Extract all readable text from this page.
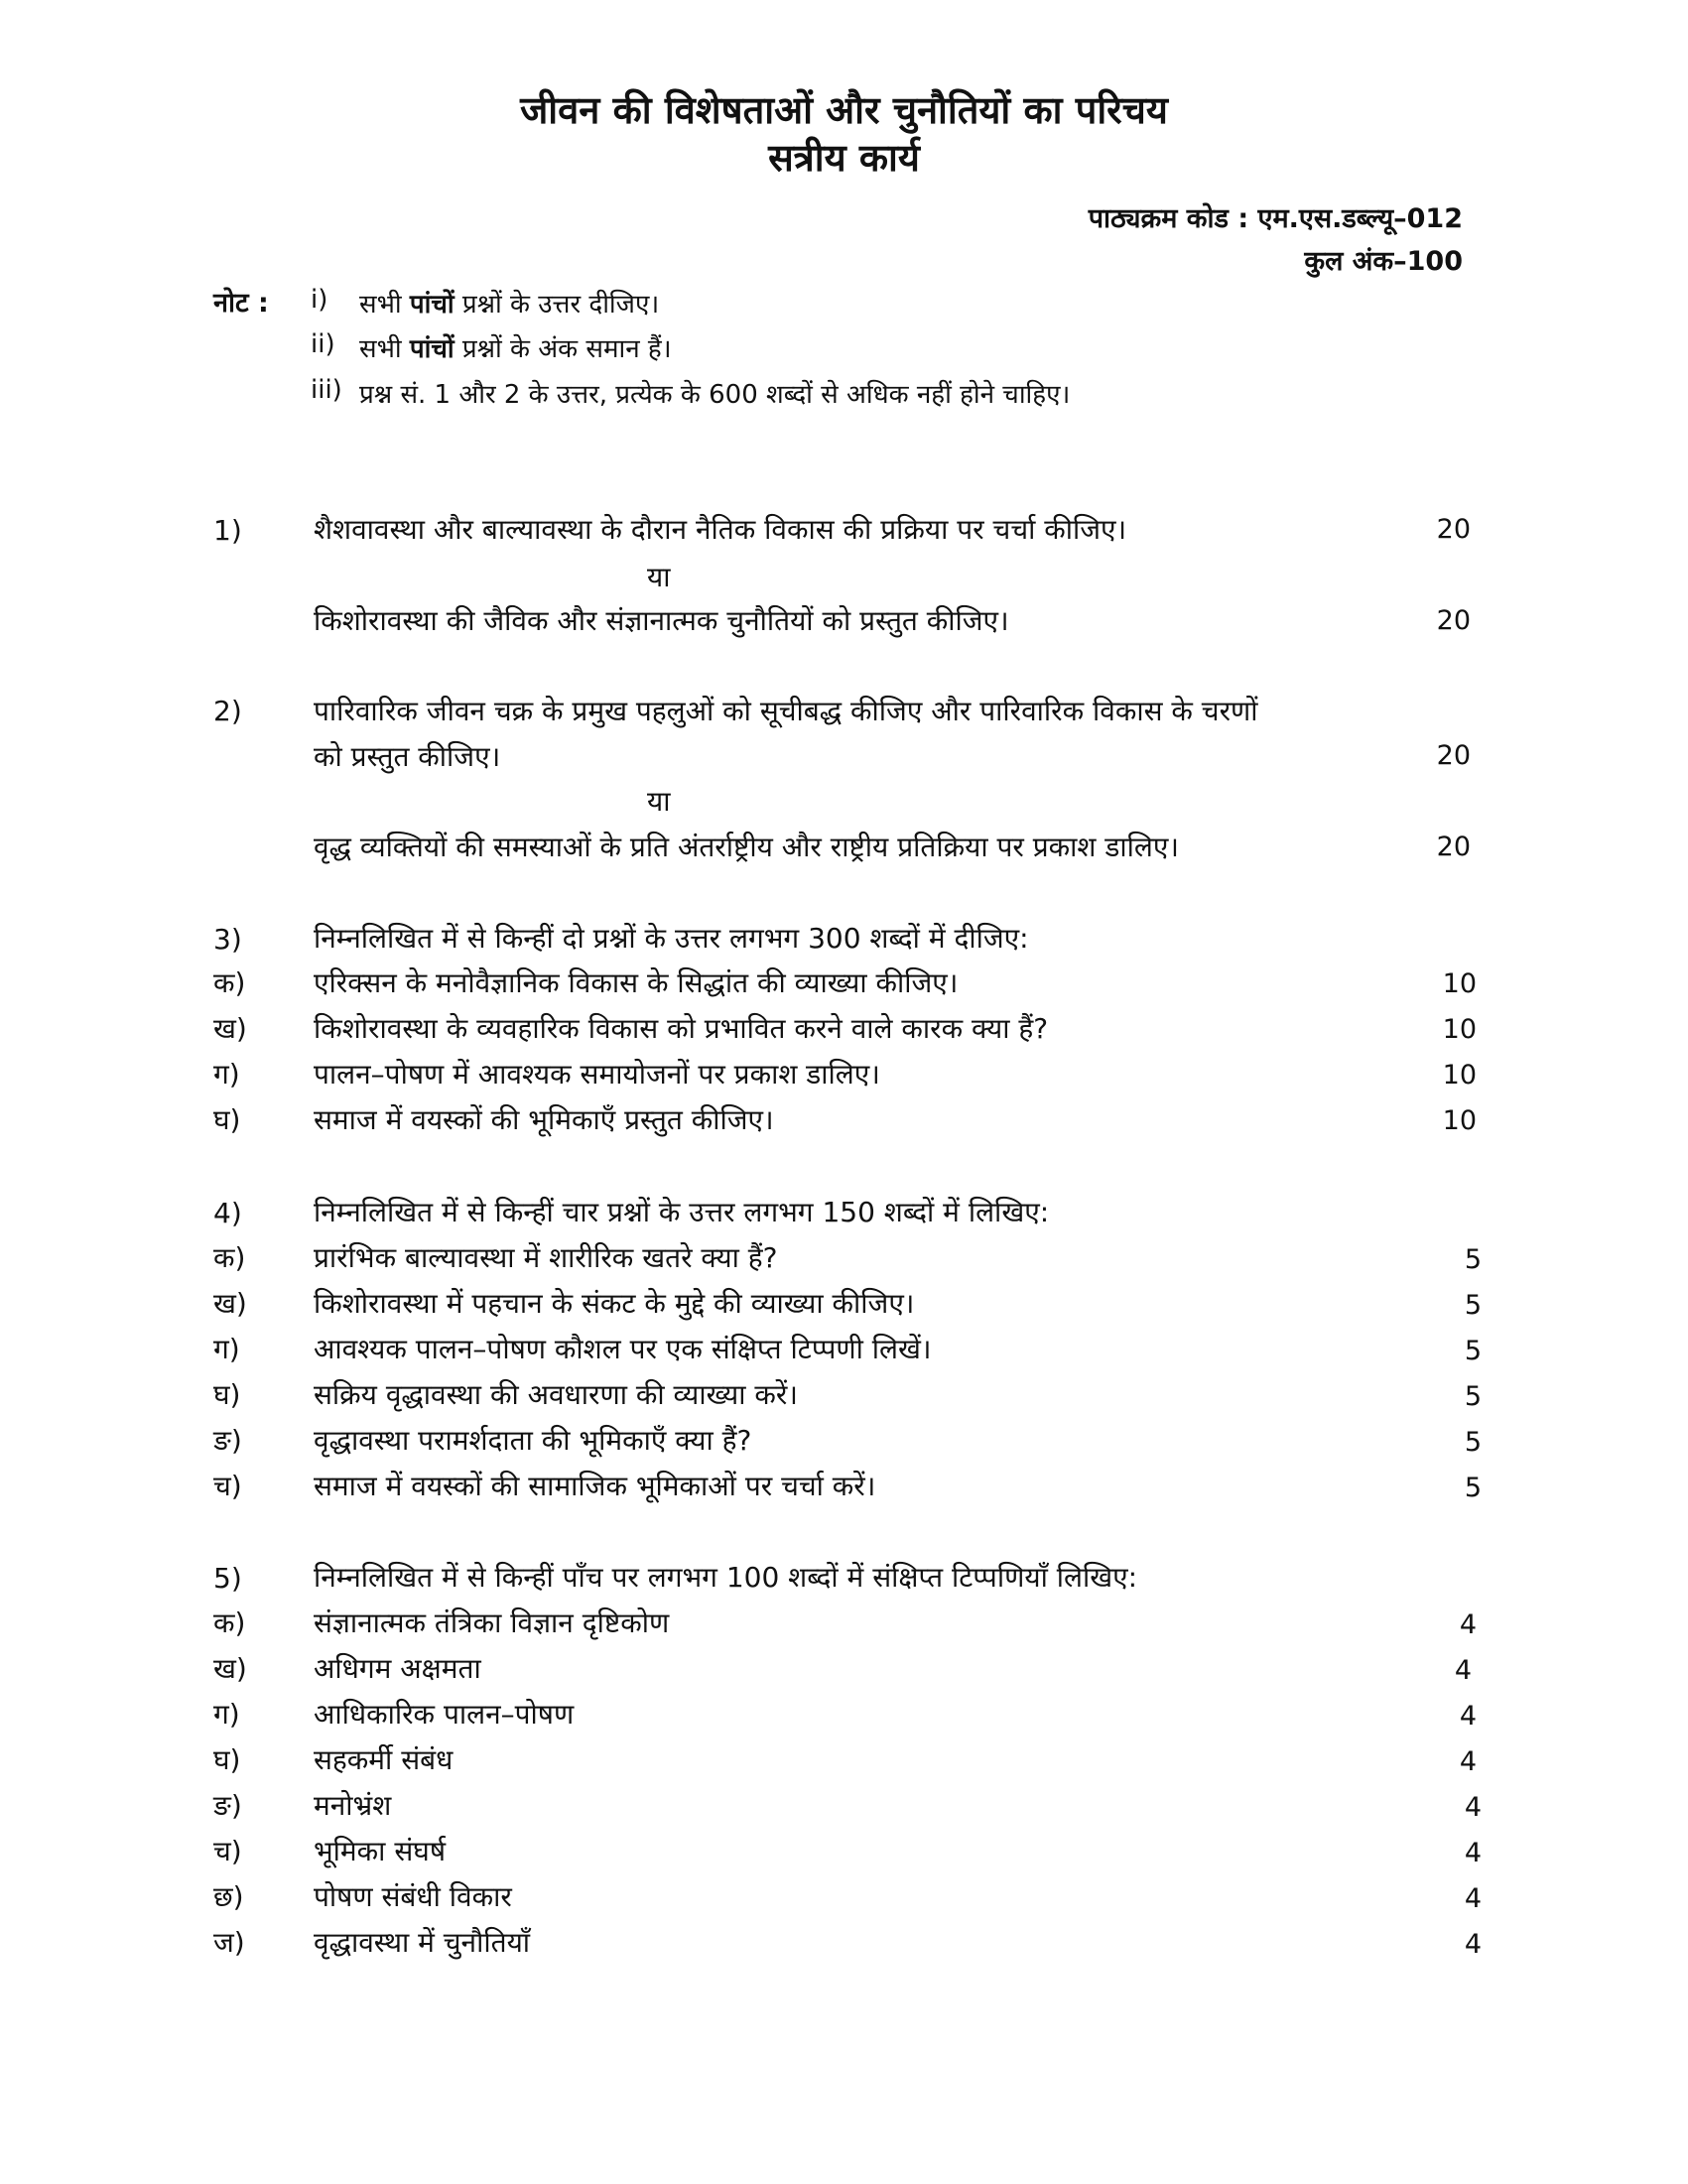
जीवन की विशेषताओं और चुनौतियों का परिचय
सत्रीय कार्य
पाठ्यक्रम कोड : एम.एस.डब्ल्यू–012
कुल अंक–100
नोट : i) सभी पांचों प्रश्नों के उत्तर दीजिए।
ii) सभी पांचों प्रश्नों के अंक समान हैं।
iii) प्रश्न सं. 1 और 2 के उत्तर, प्रत्येक के 600 शब्दों से अधिक नहीं होने चाहिए।
1)	शैशवावस्था और बाल्यावस्था के दौरान नैतिक विकास की प्रक्रिया पर चर्चा कीजिए।	20
या
किशोरावस्था की जैविक और संज्ञानात्मक चुनौतियों को प्रस्तुत कीजिए।	20
2)	पारिवारिक जीवन चक्र के प्रमुख पहलुओं को सूचीबद्ध कीजिए और पारिवारिक विकास के चरणों
को प्रस्तुत कीजिए।	20
या
वृद्ध व्यक्तियों की समस्याओं के प्रति अंतर्राष्ट्रीय और राष्ट्रीय प्रतिक्रिया पर प्रकाश डालिए।	20
3)	निम्नलिखित में से किन्हीं दो प्रश्नों के उत्तर लगभग 300 शब्दों में दीजिए:
क) एरिक्सन के मनोवैज्ञानिक विकास के सिद्धांत की व्याख्या कीजिए।	10
ख) किशोरावस्था के व्यवहारिक विकास को प्रभावित करने वाले कारक क्या हैं?	10
ग)	पालन–पोषण में आवश्यक समायोजनों पर प्रकाश डालिए।	10
घ)	समाज में वयस्कों की भूमिकाएँ प्रस्तुत कीजिए।	10
4)	निम्नलिखित में से किन्हीं चार प्रश्नों के उत्तर लगभग 150 शब्दों में लिखिए:
क) प्रारंभिक बाल्यावस्था में शारीरिक खतरे क्या हैं?	5
ख) किशोरावस्था में पहचान के संकट के मुद्दे की व्याख्या कीजिए।	5
ग)	आवश्यक पालन–पोषण कौशल पर एक संक्षिप्त टिप्पणी लिखें।	5
घ)	सक्रिय वृद्धावस्था की अवधारणा की व्याख्या करें।	5
ङ)	वृद्धावस्था परामर्शदाता की भूमिकाएँ क्या हैं?	5
च)	समाज में वयस्कों की सामाजिक भूमिकाओं पर चर्चा करें।	5
5)	निम्नलिखित में से किन्हीं पाँच पर लगभग 100 शब्दों में संक्षिप्त टिप्पणियाँ लिखिए:
क) संज्ञानात्मक तंत्रिका विज्ञान दृष्टिकोण	4
ख) अधिगम अक्षमता	4
ग)	आधिकारिक पालन–पोषण	4
घ)	सहकर्मी संबंध	4
ङ)	मनोभ्रंश	4
च)	भूमिका संघर्ष	4
छ)	पोषण संबंधी विकार	4
ज) वृद्धावस्था में चुनौतियाँ	4
